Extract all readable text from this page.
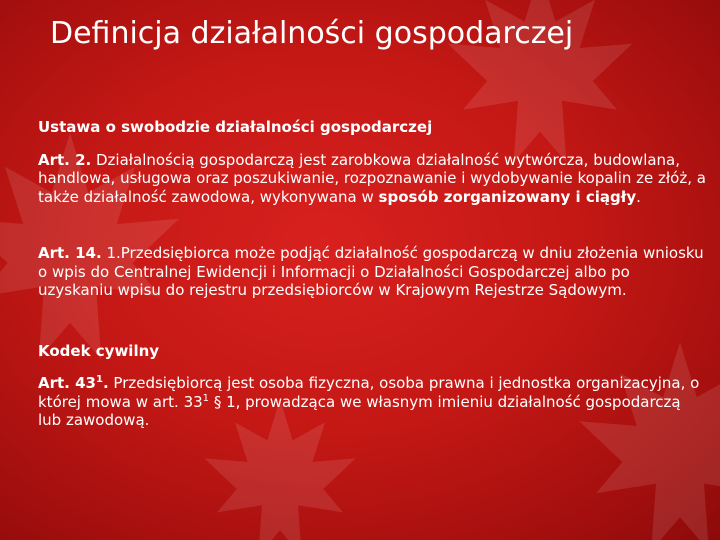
Definicja działalności gospodarczej

Ustawa o swobodzie działalności gospodarczej

Art. 2. Działalnością gospodarczą jest zarobkowa działalność wytwórcza, budowlana, handlowa, usługowa oraz poszukiwanie, rozpoznawanie i wydobywanie kopalin ze złóż, a także działalność zawodowa, wykonywana w sposób zorganizowany i ciągły.

Art. 14. 1.Przedsiębiorca może podjąć działalność gospodarczą w dniu złożenia wniosku o wpis do Centralnej Ewidencji i Informacji o Działalności Gospodarczej albo po uzyskaniu wpisu do rejestru przedsiębiorców w Krajowym Rejestrze Sądowym.

Kodek cywilny

Art. $43^1$. Przedsiębiorcą jest osoba fizyczna, osoba prawna i jednostka organizacyjna, o której mowa w art. $33^1$ § 1, prowadząca we własnym imieniu działalność gospodarczą lub zawodową.
